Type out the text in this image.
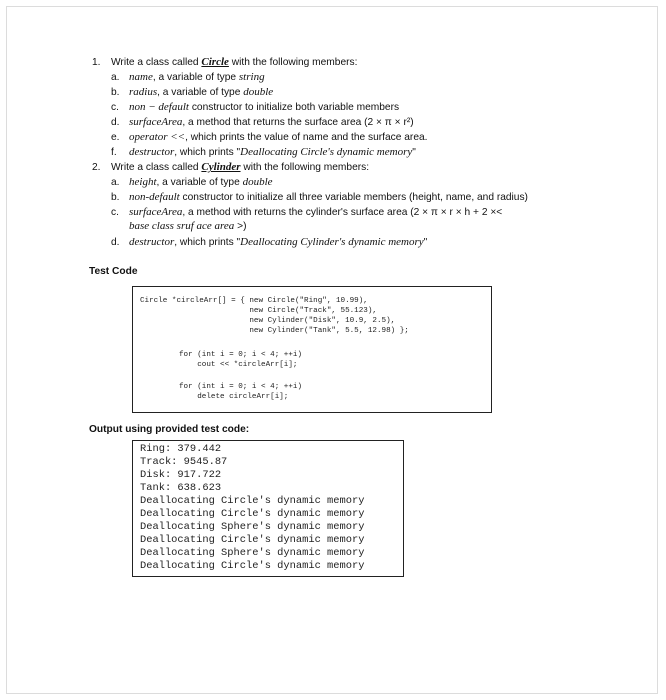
1. Write a class called Circle with the following members:
a. name, a variable of type string
b. radius, a variable of type double
c. non − default constructor to initialize both variable members
d. surfaceArea, a method that returns the surface area (2 × π × r²)
e. operator <<, which prints the value of name and the surface area.
f. destructor, which prints "Deallocating Circle's dynamic memory"
2. Write a class called Cylinder with the following members:
a. height, a variable of type double
b. non-default constructor to initialize all three variable members (height, name, and radius)
c. surfaceArea, a method with returns the cylinder's surface area (2 × π × r × h + 2 ×<
base class sruf ace area >)
d. destructor, which prints "Deallocating Cylinder's dynamic memory"
Test Code
Circle *circleArr[] = { new Circle("Ring", 10.99),
new Circle("Track", 55.123),
new Cylinder("Disk", 10.9, 2.5),
new Cylinder("Tank", 5.5, 12.98) };
for (int i = 0; i < 4; ++i)
cout << *circleArr[i];
for (int i = 0; i < 4; ++i)
delete circleArr[i];
Output using provided test code:
Ring: 379.442
Track: 9545.87
Disk: 917.722
Tank: 638.623
Deallocating Circle's dynamic memory
Deallocating Circle's dynamic memory
Deallocating Sphere's dynamic memory
Deallocating Circle's dynamic memory
Deallocating Sphere's dynamic memory
Deallocating Circle's dynamic memory
